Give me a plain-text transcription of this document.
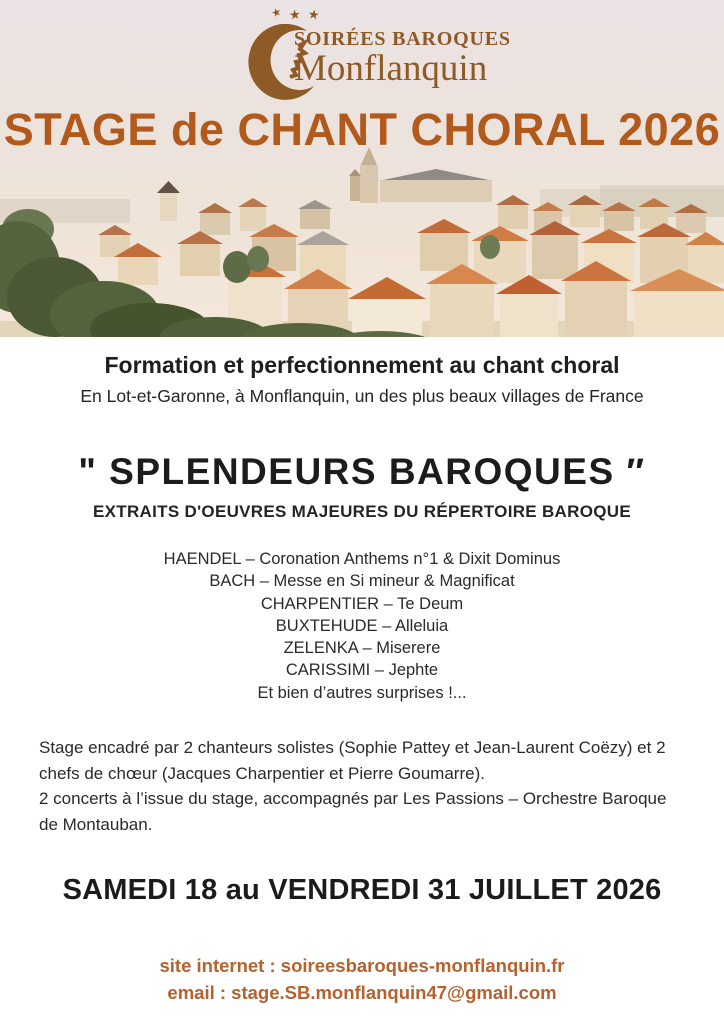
★ ★ ★
SOIRÉES BAROQUES
Monflanquin
STAGE de CHANT CHORAL 2026
Formation et perfectionnement au chant choral
En Lot-et-Garonne, à Monflanquin, un des plus beaux villages de France
" SPLENDEURS BAROQUES ″
EXTRAITS D'OEUVRES MAJEURES DU RÉPERTOIRE BAROQUE
HAENDEL – Coronation Anthems n°1 & Dixit Dominus
BACH – Messe en Si mineur & Magnificat
CHARPENTIER – Te Deum
BUXTEHUDE – Alleluia
ZELENKA – Miserere
CARISSIMI – Jephte
Et bien d’autres surprises !...

Stage encadré par 2 chanteurs solistes (Sophie Pattey et Jean-Laurent Coëzy) et 2 chefs de chœur (Jacques Charpentier et Pierre Goumarre).

2 concerts à l’issue du stage, accompagnés par Les Passions – Orchestre Baroque de Montauban.

SAMEDI 18 au VENDREDI 31 JUILLET 2026
site internet : soireesbaroques-monflanquin.fr
email : stage.SB.monflanquin47@gmail.com
